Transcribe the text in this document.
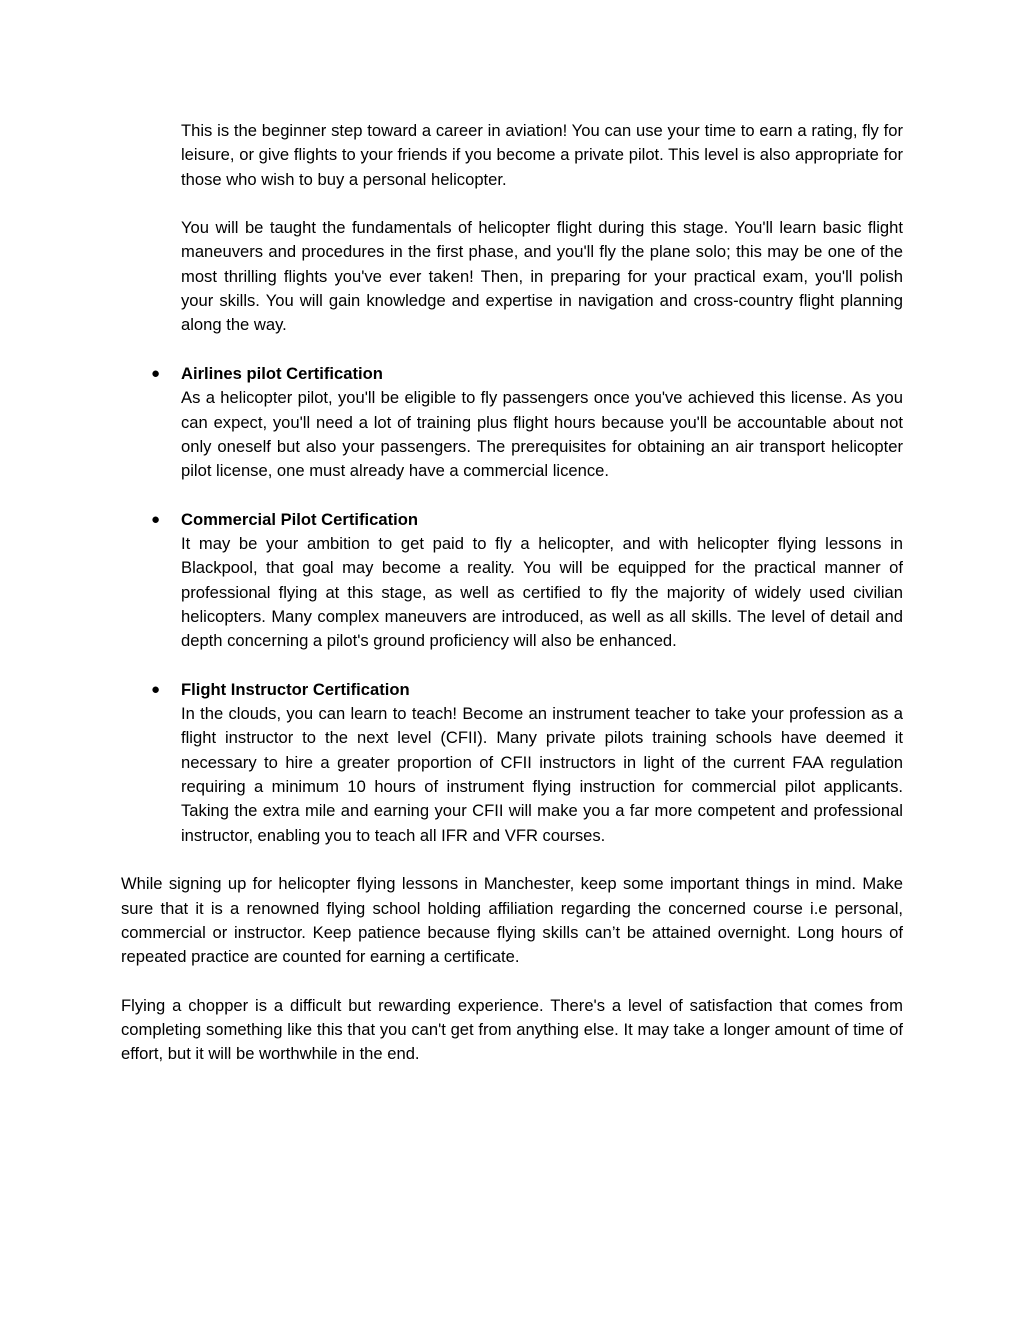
This is the beginner step toward a career in aviation! You can use your time to earn a rating, fly for leisure, or give flights to your friends if you become a private pilot. This level is also appropriate for those who wish to buy a personal helicopter.

You will be taught the fundamentals of helicopter flight during this stage. You'll learn basic flight maneuvers and procedures in the first phase, and you'll fly the plane solo; this may be one of the most thrilling flights you've ever taken! Then, in preparing for your practical exam, you'll polish your skills. You will gain knowledge and expertise in navigation and cross-country flight planning along the way.

● Airlines pilot Certification

As a helicopter pilot, you'll be eligible to fly passengers once you've achieved this license. As you can expect, you'll need a lot of training plus flight hours because you'll be accountable about not only oneself but also your passengers. The prerequisites for obtaining an air transport helicopter pilot license, one must already have a commercial licence.

● Commercial Pilot Certification

It may be your ambition to get paid to fly a helicopter, and with helicopter flying lessons in Blackpool, that goal may become a reality. You will be equipped for the practical manner of professional flying at this stage, as well as certified to fly the majority of widely used civilian helicopters. Many complex maneuvers are introduced, as well as all skills. The level of detail and depth concerning a pilot's ground proficiency will also be enhanced.

● Flight Instructor Certification

In the clouds, you can learn to teach! Become an instrument teacher to take your profession as a flight instructor to the next level (CFII). Many private pilots training schools have deemed it necessary to hire a greater proportion of CFII instructors in light of the current FAA regulation requiring a minimum 10 hours of instrument flying instruction for commercial pilot applicants. Taking the extra mile and earning your CFII will make you a far more competent and professional instructor, enabling you to teach all IFR and VFR courses.

While signing up for helicopter flying lessons in Manchester, keep some important things in mind. Make sure that it is a renowned flying school holding affiliation regarding the concerned course i.e personal, commercial or instructor. Keep patience because flying skills can’t be attained overnight. Long hours of repeated practice are counted for earning a certificate.

Flying a chopper is a difficult but rewarding experience. There's a level of satisfaction that comes from completing something like this that you can't get from anything else. It may take a longer amount of time of effort, but it will be worthwhile in the end.
